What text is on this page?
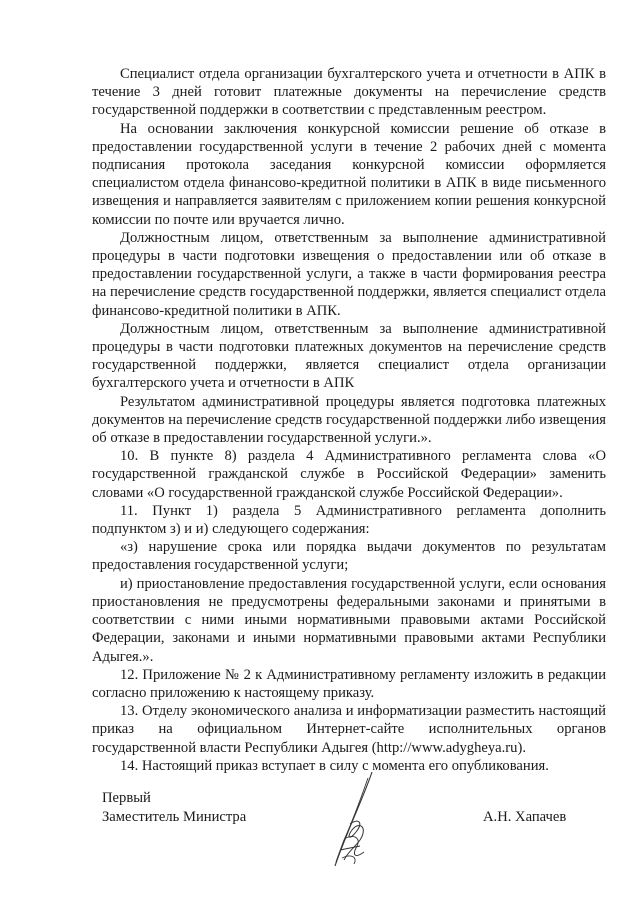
Специалист отдела организации бухгалтерского учета и отчетности в АПК в течение 3 дней готовит платежные документы на перечисление средств государственной поддержки в соответствии с представленным реестром.

На основании заключения конкурсной комиссии решение об отказе в предоставлении государственной услуги в течение 2 рабочих дней с момента подписания протокола заседания конкурсной комиссии оформляется специалистом отдела финансово-кредитной политики в АПК в виде письменного извещения и направляется заявителям с приложением копии решения конкурсной комиссии по почте или вручается лично.

Должностным лицом, ответственным за выполнение административной процедуры в части подготовки извещения о предоставлении или об отказе в предоставлении государственной услуги, а также в части формирования реестра на перечисление средств государственной поддержки, является специалист отдела финансово-кредитной политики в АПК.

Должностным лицом, ответственным за выполнение административной процедуры в части подготовки платежных документов на перечисление средств государственной поддержки, является специалист отдела организации бухгалтерского учета и отчетности в АПК

Результатом административной процедуры является подготовка платежных документов на перечисление средств государственной поддержки либо извещения об отказе в предоставлении государственной услуги.».

10. В пункте 8) раздела 4 Административного регламента слова «О государственной гражданской службе в Российской Федерации» заменить словами «О государственной гражданской службе Российской Федерации».

11. Пункт 1) раздела 5 Административного регламента дополнить подпунктом з) и и) следующего содержания:

«з) нарушение срока или порядка выдачи документов по результатам предоставления государственной услуги;

и) приостановление предоставления государственной услуги, если основания приостановления не предусмотрены федеральными законами и принятыми в соответствии с ними иными нормативными правовыми актами Российской Федерации, законами и иными нормативными правовыми актами Республики Адыгея.».

12. Приложение № 2 к Административному регламенту изложить в редакции согласно приложению к настоящему приказу.

13. Отделу экономического анализа и информатизации разместить настоящий приказ на официальном Интернет-сайте исполнительных органов государственной власти Республики Адыгея (http://www.adygheya.ru).

14. Настоящий приказ вступает в силу с момента его опубликования.

Первый
Заместитель Министра	А.Н. Хапачев
